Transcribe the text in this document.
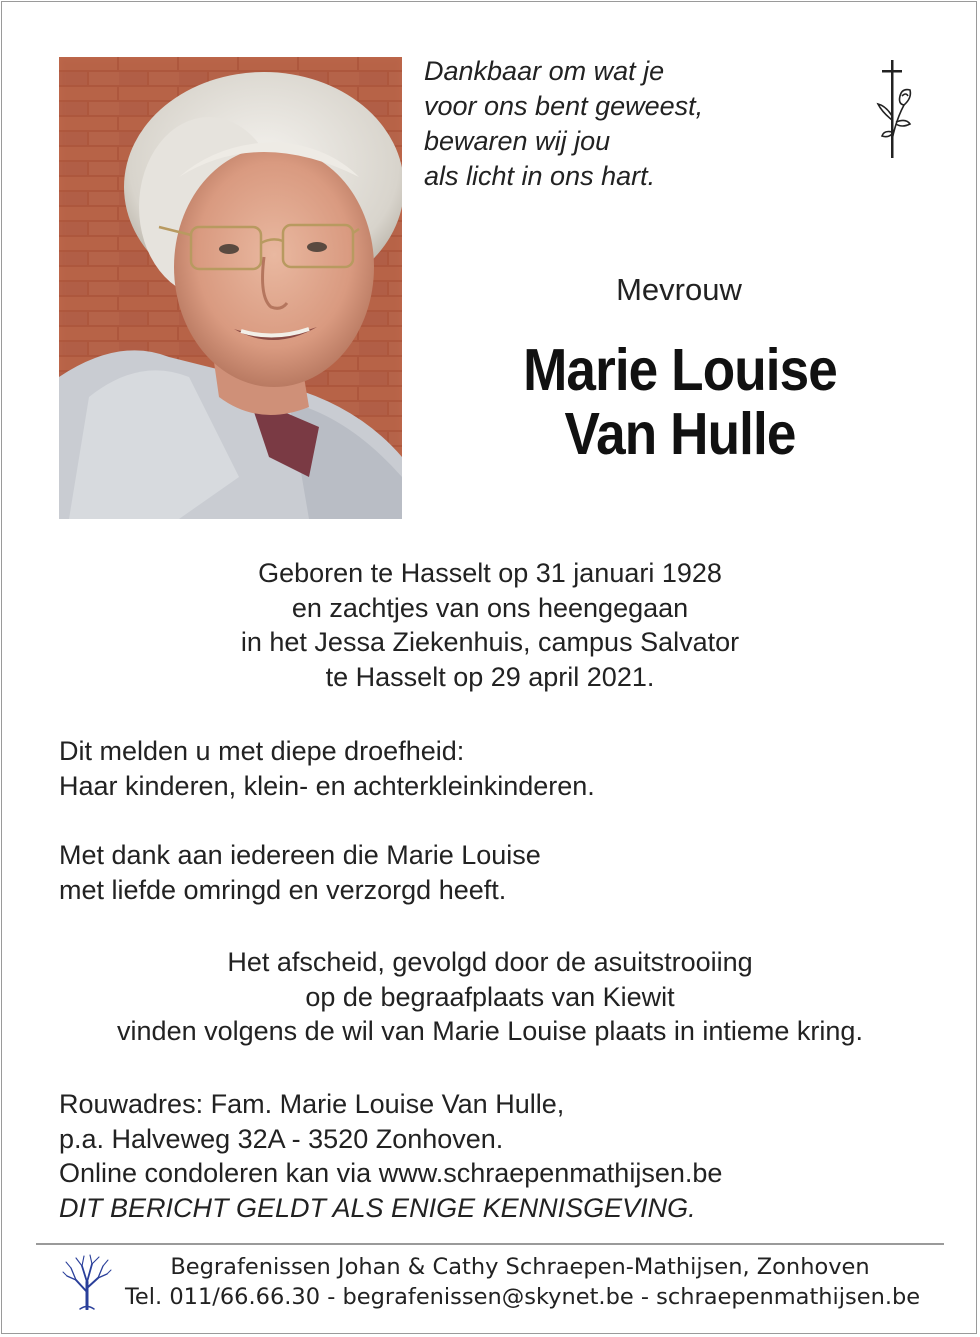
Dankbaar om wat je
voor ons bent geweest,
bewaren wij jou
als licht in ons hart.
Mevrouw
Marie Louise
Van Hulle
Geboren te Hasselt op 31 januari 1928
en zachtjes van ons heengegaan
in het Jessa Ziekenhuis, campus Salvator
te Hasselt op 29 april 2021.
Dit melden u met diepe droefheid:
Haar kinderen, klein- en achterkleinkinderen.
Met dank aan iedereen die Marie Louise
met liefde omringd en verzorgd heeft.
Het afscheid, gevolgd door de asuitstrooiing
op de begraafplaats van Kiewit
vinden volgens de wil van Marie Louise plaats in intieme kring.
Rouwadres: Fam. Marie Louise Van Hulle,
p.a. Halveweg 32A - 3520 Zonhoven.
Online condoleren kan via www.schraepenmathijsen.be
DIT BERICHT GELDT ALS ENIGE KENNISGEVING.
Begrafenissen Johan & Cathy Schraepen-Mathijsen, Zonhoven
Tel. 011/66.66.30 - begrafenissen@skynet.be - schraepenmathijsen.be
